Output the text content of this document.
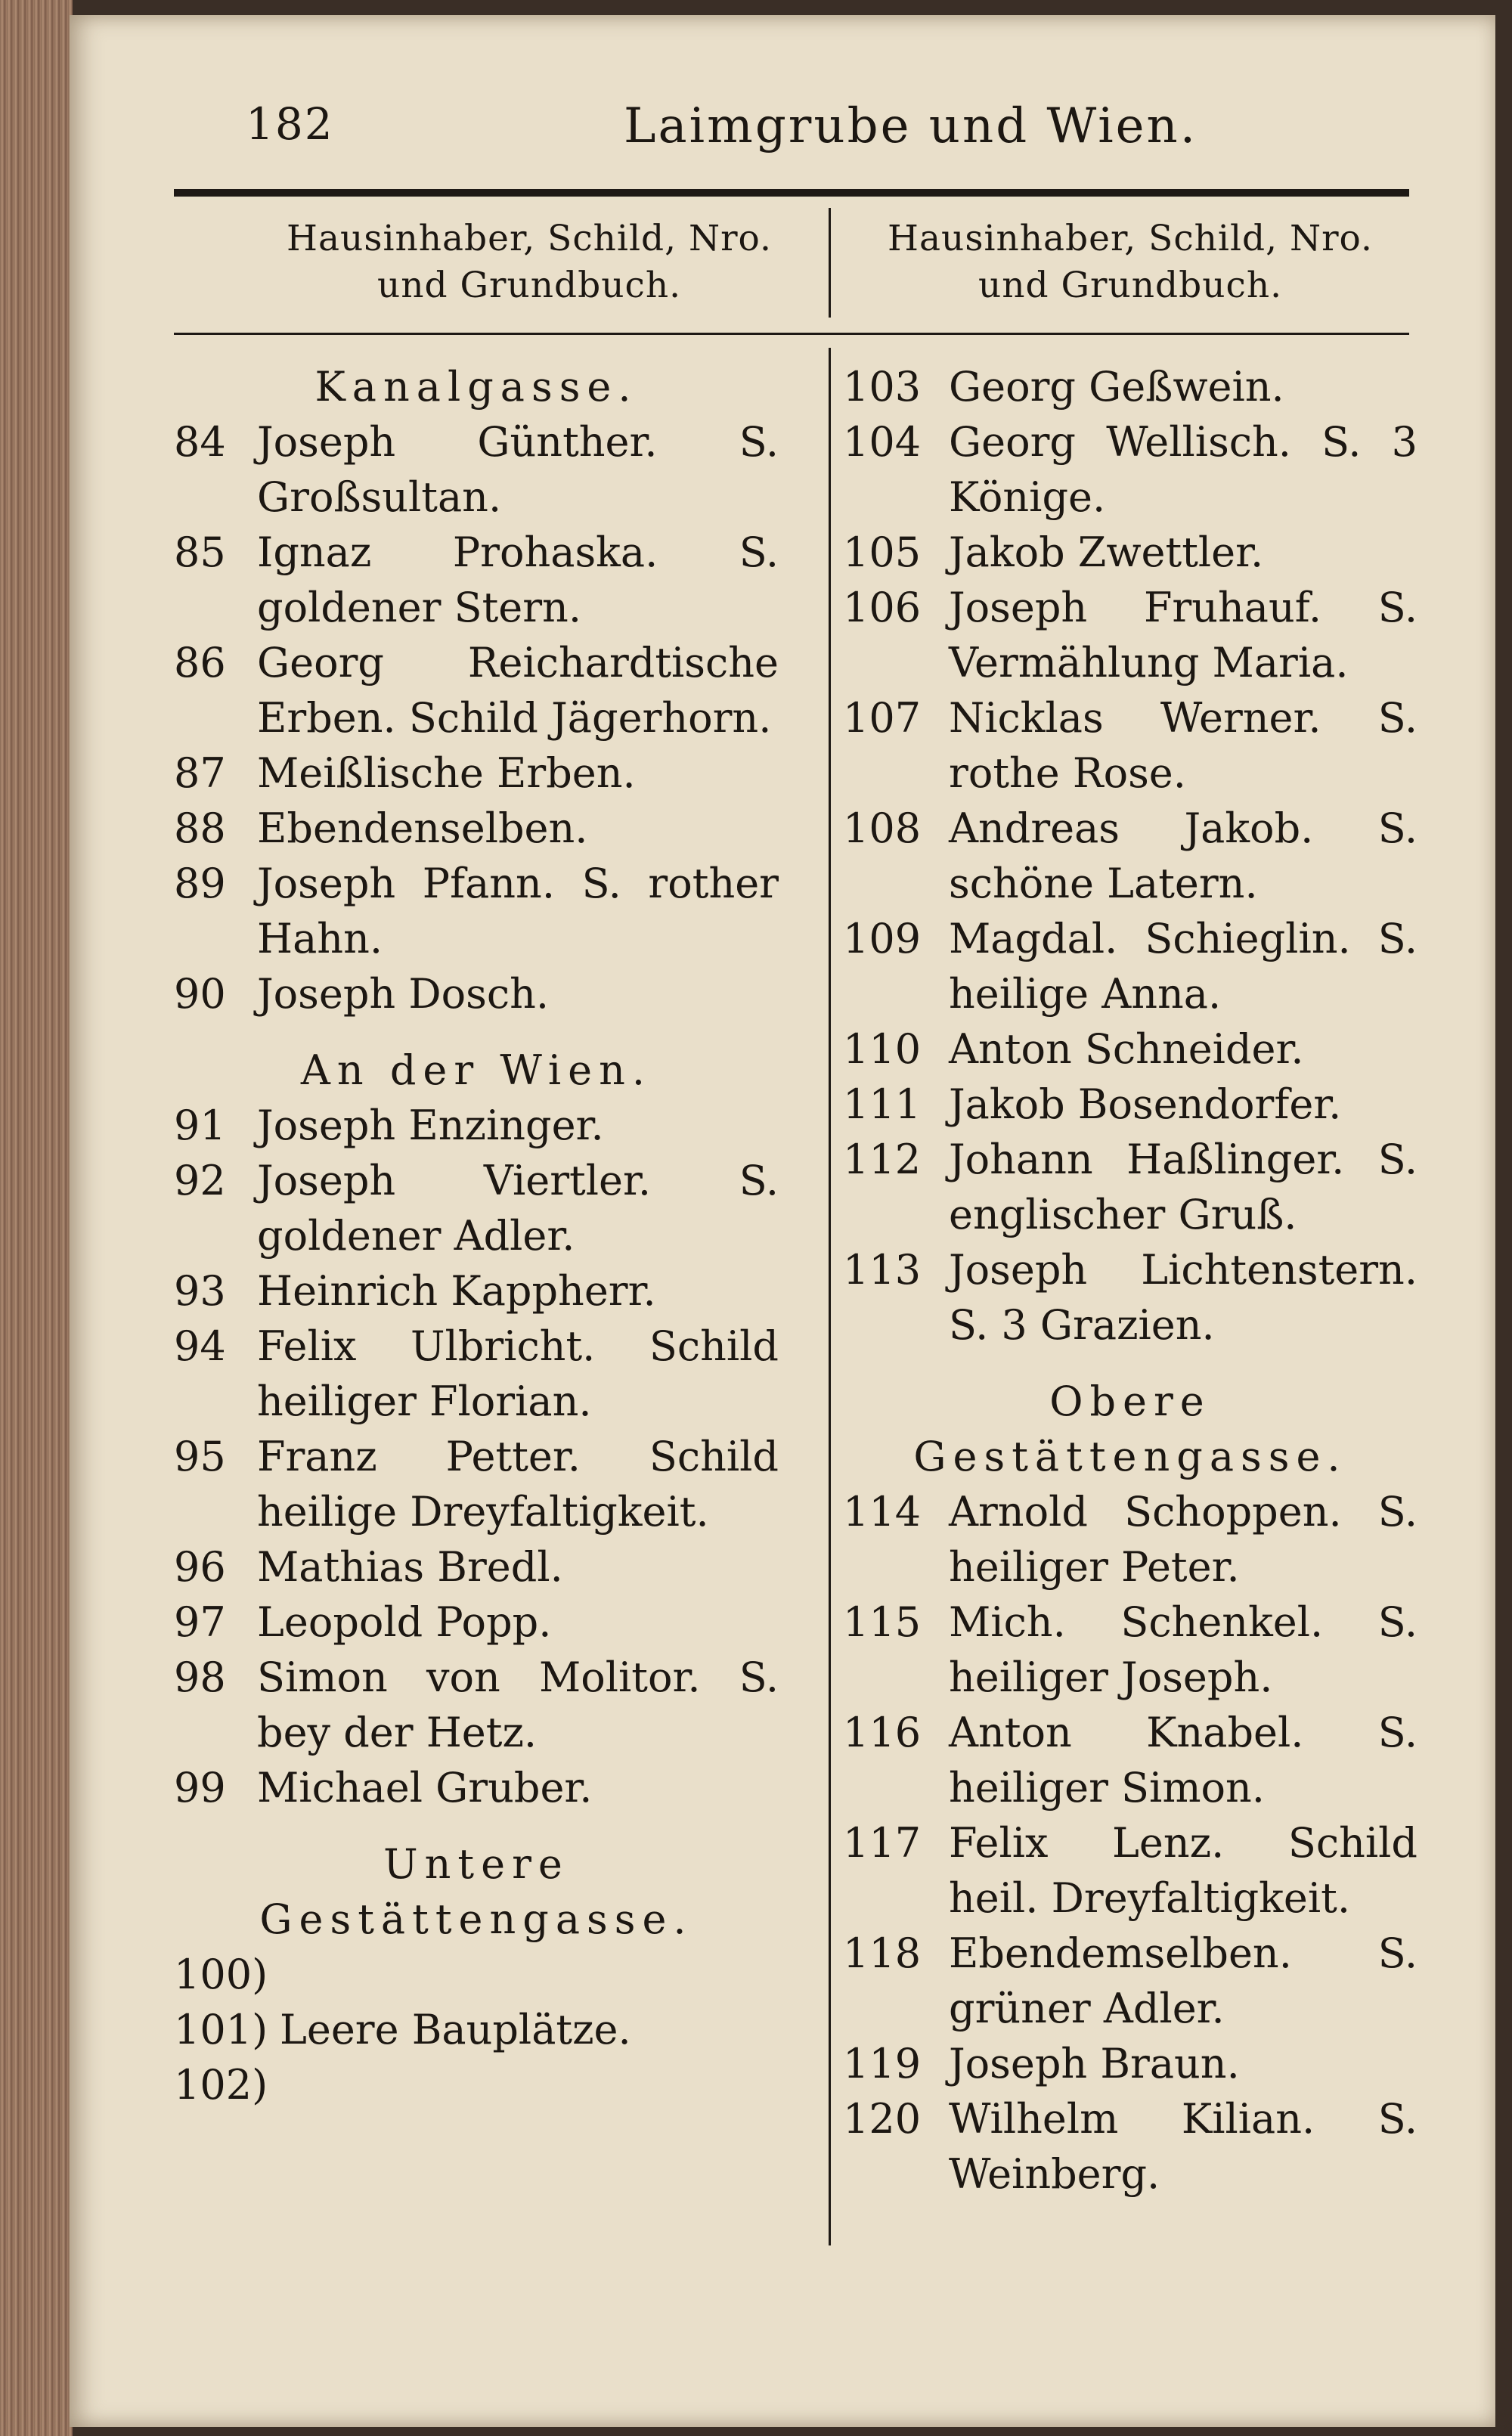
182	Laimgrube und Wien.
Hausinhaber, Schild, Nro.
und Grundbuch.
Hausinhaber, Schild, Nro.
und Grundbuch.

Kanalgasse.

84 Joseph Günther. S. Großsultan.
85 Ignaz Prohaska. S. goldener Stern.
86 Georg Reichardtische Erben. Schild Jägerhorn.
87 Meißlische Erben.
88 Ebendenselben.
89 Joseph Pfann. S. rother Hahn.
90 Joseph Dosch.

An der Wien.

91 Joseph Enzinger.
92 Joseph Viertler. S. goldener Adler.
93 Heinrich Kappherr.
94 Felix Ulbricht. Schild heiliger Florian.
95 Franz Petter. Schild heilige Dreyfaltigkeit.
96 Mathias Bredl.
97 Leopold Popp.
98 Simon von Molitor. S. bey der Hetz.
99 Michael Gruber.

Untere Gestättengasse.

100)
101)
102)
Leere Bauplätze.
103 Georg Geßwein.
104 Georg Wellisch. S. 3 Könige.
105 Jakob Zwettler.
106 Joseph Fruhauf. S. Vermählung Maria.
107 Nicklas Werner. S. rothe Rose.
108 Andreas Jakob. S. schöne Latern.
109 Magdal. Schieglin. S. heilige Anna.
110 Anton Schneider.
111 Jakob Bosendorfer.
112 Johann Haßlinger. S. englischer Gruß.
113 Joseph Lichtenstern. S. 3 Grazien.

Obere Gestättengasse.

114 Arnold Schoppen. S. heiliger Peter.
115 Mich. Schenkel. S. heiliger Joseph.
116 Anton Knabel. S. heiliger Simon.
117 Felix Lenz. Schild heil. Dreyfaltigkeit.
118 Ebendemselben. S. grüner Adler.
119 Joseph Braun.
120 Wilhelm Kilian. S. Weinberg.
